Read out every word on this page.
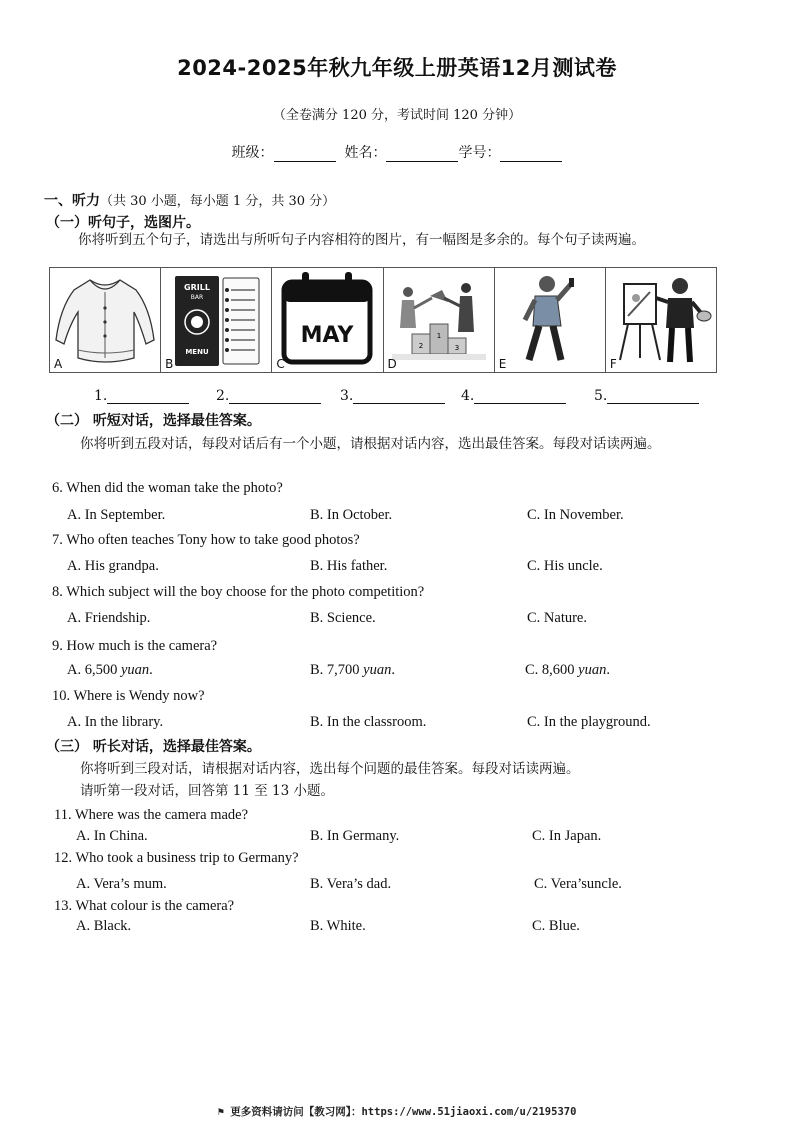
2024-2025年秋九年级上册英语12月测试卷
（全卷满分 120 分，考试时间 120 分钟）
班级：	姓名：	学号：
一、听力（共 30 小题，每小题 1 分，共 30 分）
（一）听句子，选图片。
你将听到五个句子，请选出与所听句子内容相符的图片，有一幅图是多余的。每个句子读两遍。
A
GRILL
BAR
MENU
B
MAY
C
2
1
3
D	E	F
1.	2.	3.	4.	5.
（二） 听短对话，选择最佳答案。
你将听到五段对话，每段对话后有一个小题，请根据对话内容，选出最佳答案。每段对话读两遍。
6. When did the woman take the photo?
A. In September.	B. In October.	C. In November.
7. Who often teaches Tony how to take good photos?
A. His grandpa.	B. His father.	C. His uncle.
8. Which subject will the boy choose for the photo competition?
A. Friendship.	B. Science.	C. Nature.
9. How much is the camera?
A. 6,500 yuan.	B. 7,700 yuan.	C. 8,600 yuan.
10. Where is Wendy now?
A. In the library.	B. In the classroom.	C. In the playground.
（三） 听长对话，选择最佳答案。
你将听到三段对话，请根据对话内容，选出每个问题的最佳答案。每段对话读两遍。
请听第一段对话，回答第 11 至 13 小题。
11. Where was the camera made?
A. In China.	B. In Germany.	C. In Japan.
12. Who took a business trip to Germany?
A. Vera’s mum.	B. Vera’s dad.	C. Vera’suncle.
13. What colour is the camera?
A. Black.	B. White.	C. Blue.
⚑ 更多资料请访问【教习网】：https://www.51jiaoxi.com/u/2195370
